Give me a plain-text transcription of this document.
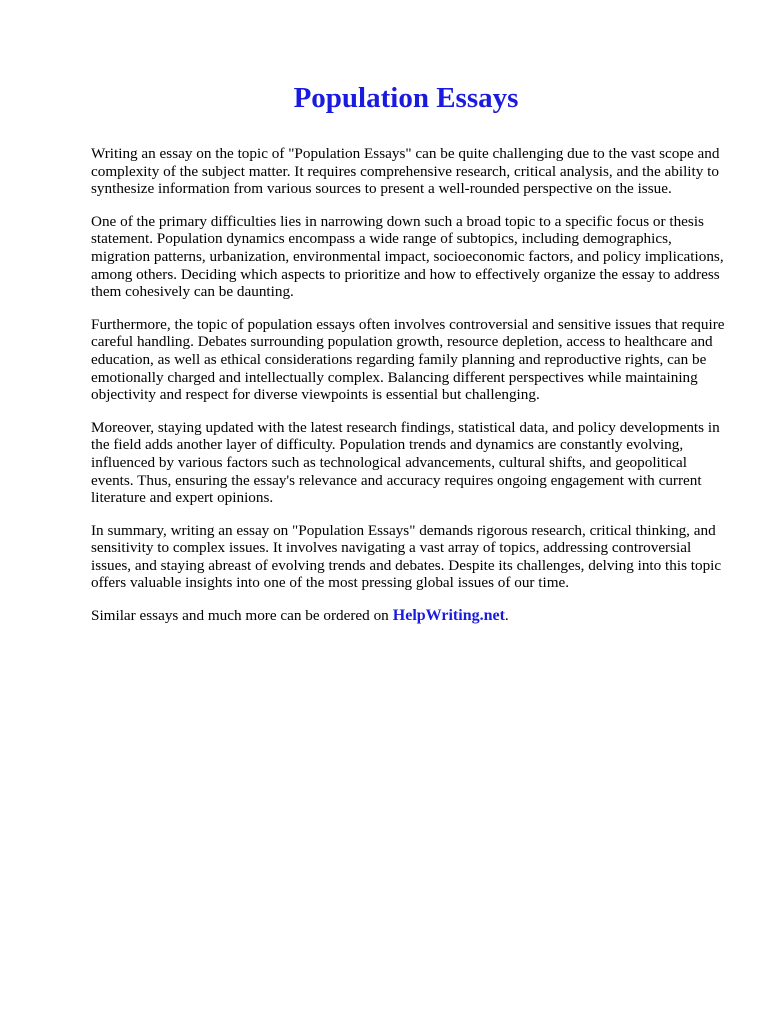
Population Essays

Writing an essay on the topic of "Population Essays" can be quite challenging due to the vast scope and complexity of the subject matter. It requires comprehensive research, critical analysis, and the ability to synthesize information from various sources to present a well-rounded perspective on the issue.

One of the primary difficulties lies in narrowing down such a broad topic to a specific focus or thesis statement. Population dynamics encompass a wide range of subtopics, including demographics, migration patterns, urbanization, environmental impact, socioeconomic factors, and policy implications, among others. Deciding which aspects to prioritize and how to effectively organize the essay to address them cohesively can be daunting.

Furthermore, the topic of population essays often involves controversial and sensitive issues that require careful handling. Debates surrounding population growth, resource depletion, access to healthcare and education, as well as ethical considerations regarding family planning and reproductive rights, can be emotionally charged and intellectually complex. Balancing different perspectives while maintaining objectivity and respect for diverse viewpoints is essential but challenging.

Moreover, staying updated with the latest research findings, statistical data, and policy developments in the field adds another layer of difficulty. Population trends and dynamics are constantly evolving, influenced by various factors such as technological advancements, cultural shifts, and geopolitical events. Thus, ensuring the essay's relevance and accuracy requires ongoing engagement with current literature and expert opinions.

In summary, writing an essay on "Population Essays" demands rigorous research, critical thinking, and sensitivity to complex issues. It involves navigating a vast array of topics, addressing controversial issues, and staying abreast of evolving trends and debates. Despite its challenges, delving into this topic offers valuable insights into one of the most pressing global issues of our time.

Similar essays and much more can be ordered on HelpWriting.net.
